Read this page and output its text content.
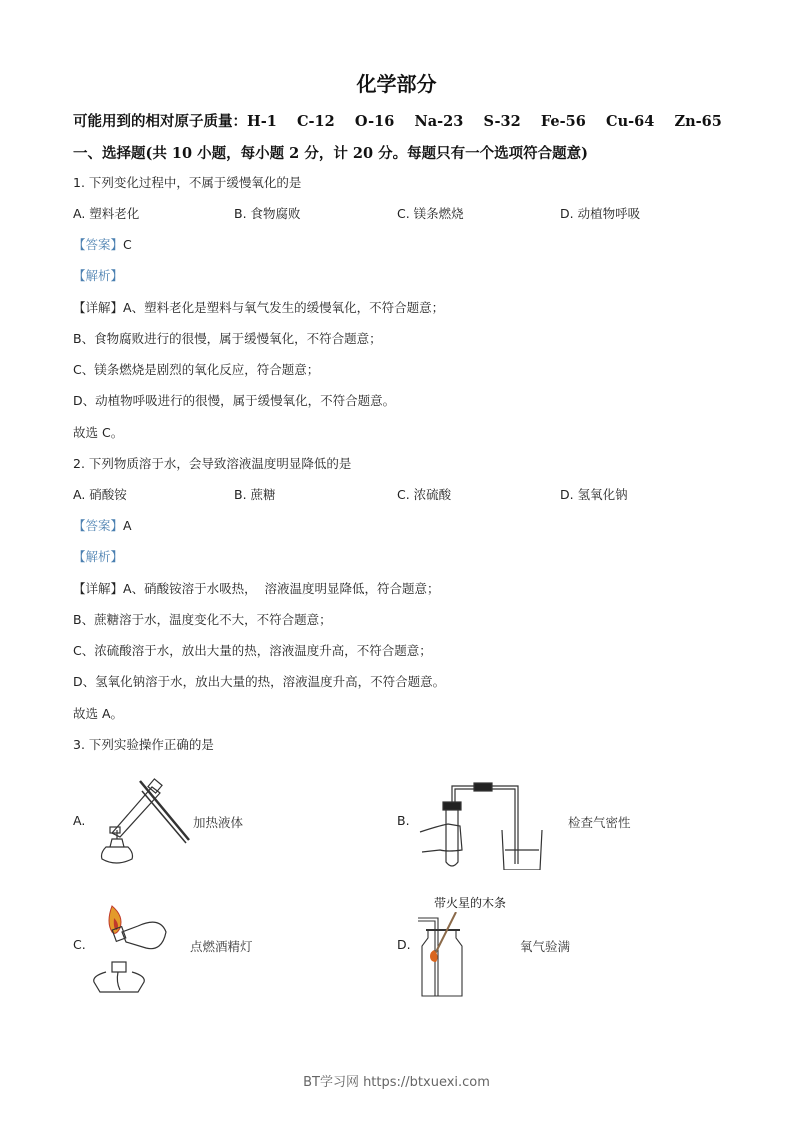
化学部分
可能用到的相对原子质量：H-1    C-12    O-16    Na-23    S-32    Fe-56    Cu-64    Zn-65
一、选择题(共 10 小题，每小题 2 分，计 20 分。每题只有一个选项符合题意)
1. 下列变化过程中，不属于缓慢氧化的是
A. 塑料老化	B. 食物腐败	C. 镁条燃烧	D. 动植物呼吸
【答案】C
【解析】
【详解】A、塑料老化是塑料与氧气发生的缓慢氧化，不符合题意；
B、食物腐败进行的很慢，属于缓慢氧化，不符合题意；
C、镁条燃烧是剧烈的氧化反应，符合题意；
D、动植物呼吸进行的很慢，属于缓慢氧化，不符合题意。
故选 C。
2. 下列物质溶于水，会导致溶液温度明显降低的是
A. 硝酸铵	B. 蔗糖	C. 浓硫酸	D. 氢氧化钠
【答案】A
【解析】
【详解】A、硝酸铵溶于水吸热，  溶液温度明显降低，符合题意；
B、蔗糖溶于水，温度变化不大，不符合题意；
C、浓硫酸溶于水，放出大量的热，溶液温度升高，不符合题意；
D、氢氧化钠溶于水，放出大量的热，溶液温度升高，不符合题意。
故选 A。
3. 下列实验操作正确的是
A.	加热液体	B.	检查气密性
C.	点燃酒精灯	D.
带火星的木条
氧气验满
BT学习网 https://btxuexi.com
